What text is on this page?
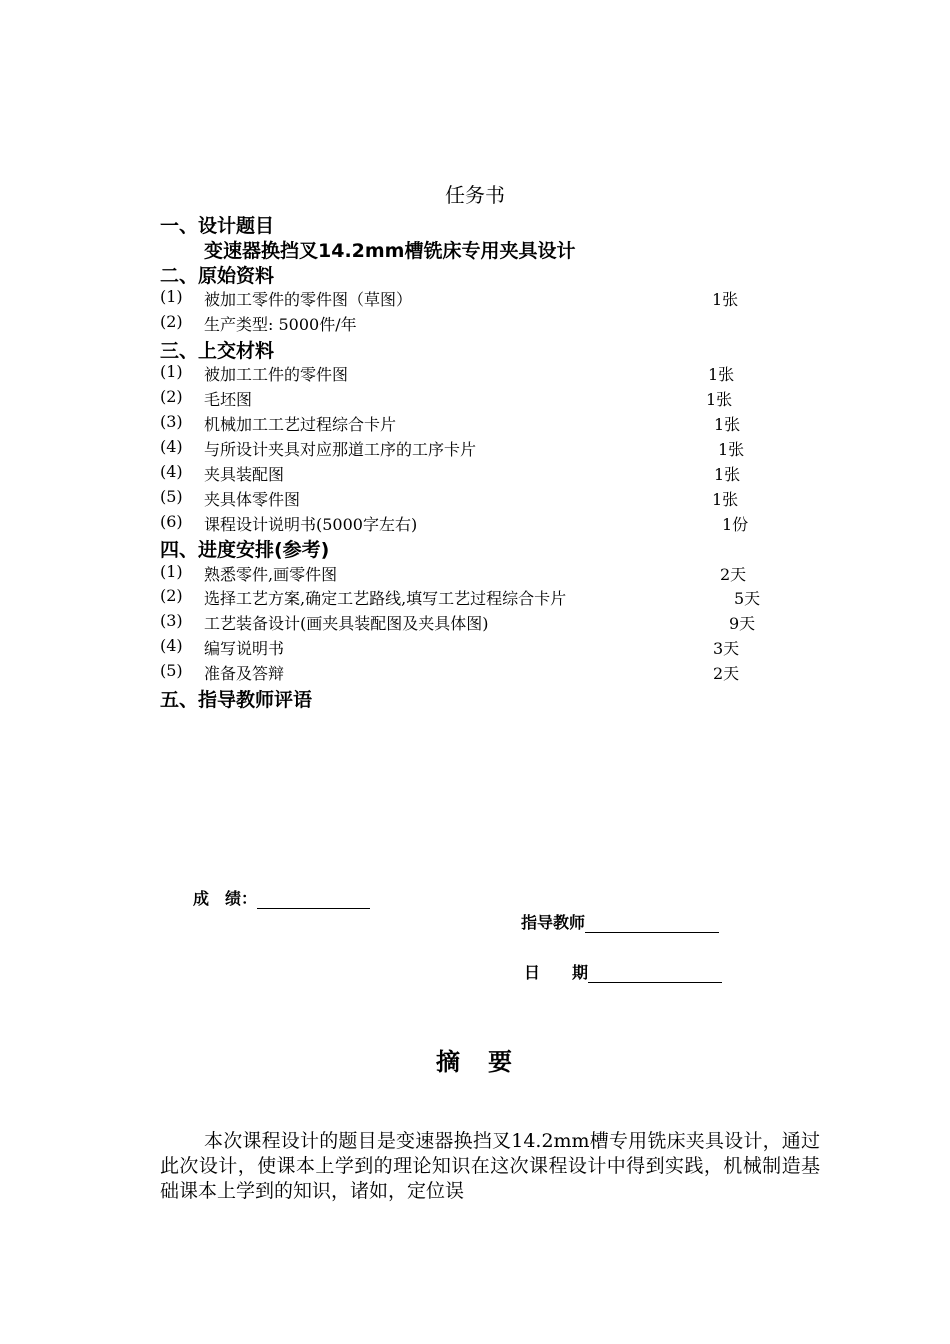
任务书
一、设计题目
变速器换挡叉14.2mm槽铣床专用夹具设计
二、原始资料
(1) 被加工零件的零件图（草图）	1张
(2) 生产类型: 5000件/年
三、上交材料
(1) 被加工工件的零件图	1张
(2) 毛坯图	1张
(3) 机械加工工艺过程综合卡片	1张
(4) 与所设计夹具对应那道工序的工序卡片	1张
(4) 夹具装配图	1张
(5) 夹具体零件图	1张
(6) 课程设计说明书(5000字左右)	1份
四、进度安排(参考)
(1) 熟悉零件,画零件图	2天
(2) 选择工艺方案,确定工艺路线,填写工艺过程综合卡片	5天
(3) 工艺装备设计(画夹具装配图及夹具体图)	9天
(4) 编写说明书	3天
(5) 准备及答辩	2天
五、指导教师评语
成　绩：
指导教师
日　　期
摘　要
本次课程设计的题目是变速器换挡叉14.2mm槽专用铣床夹具设计，通过此次设计，使课本上学到的理论知识在这次课程设计中得到实践，机械制造基础课本上学到的知识，诸如，定位误
